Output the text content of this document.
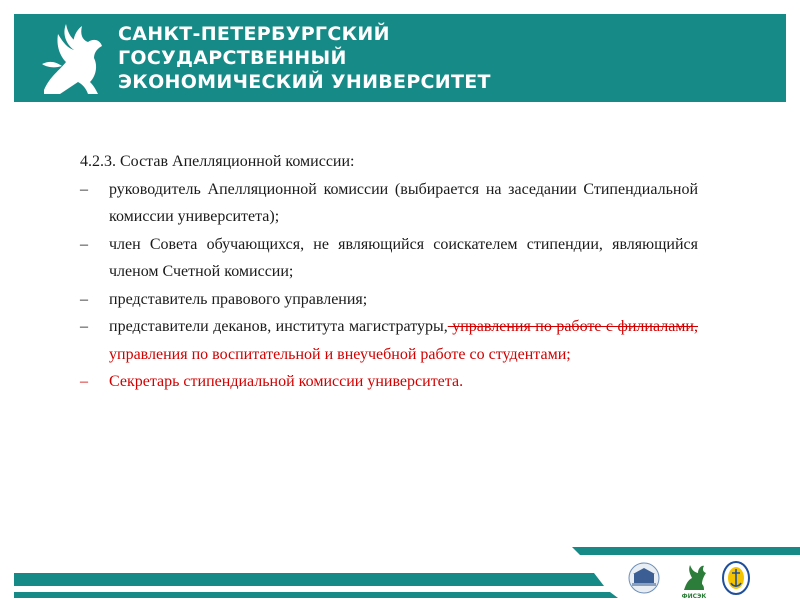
САНКТ-ПЕТЕРБУРГСКИЙ
ГОСУДАРСТВЕННЫЙ
ЭКОНОМИЧЕСКИЙ УНИВЕРСИТЕТ

4.2.3. Состав Апелляционной комиссии:

– руководитель Апелляционной комиссии (выбирается на заседании Стипендиальной комиссии университета);
– член Совета обучающихся, не являющийся соискателем стипендии, являющийся членом Счетной комиссии;
– представитель правового управления;
– представители деканов, института магистратуры, управления по работе с филиалами, управления по воспитательной и внеучебной работе со студентами;
– Секретарь стипендиальной комиссии университета.
ФИСЭК
